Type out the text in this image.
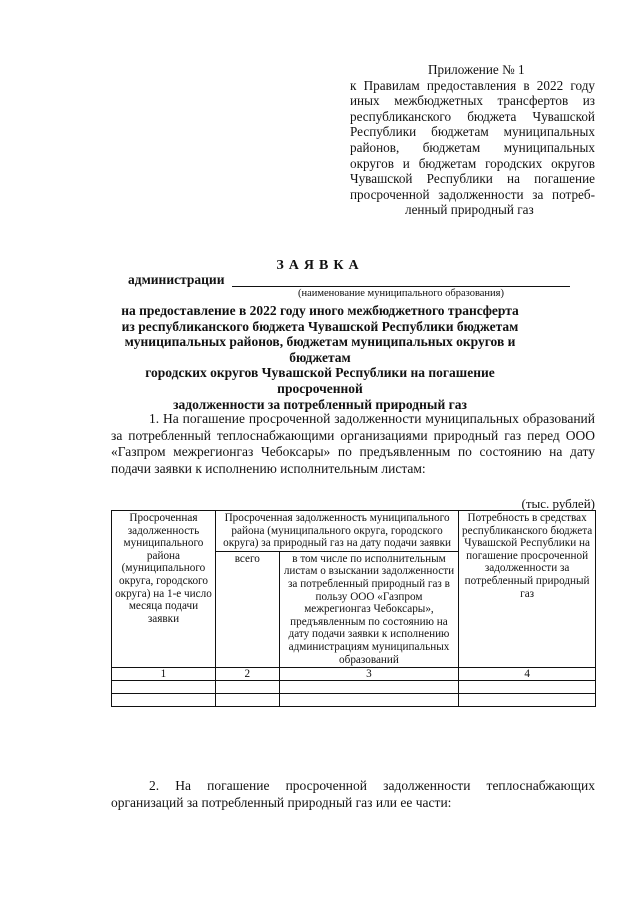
Приложение № 1
к Правилам предоставления в 2022 году
иных межбюджетных трансфертов из
республиканского бюджета Чувашской
Республики бюджетам муниципальных
районов, бюджетам муниципальных
округов и бюджетам городских округов
Чувашской Республики на погашение
просроченной задолженности за потреб-
ленный природный газ
ЗАЯВКА
администрации
(наименование муниципального образования)
на предоставление в 2022 году иного межбюджетного трансферта
из республиканского бюджета Чувашской Республики бюджетам
муниципальных районов, бюджетам муниципальных округов и бюджетам
городских округов Чувашской Республики на погашение просроченной
задолженности за потребленный природный газ
1. На погашение просроченной задолженности муниципальных образований за потребленный теплоснабжающими организациями природный газ перед ООО «Газпром межрегионгаз Чебоксары» по предъявленным по состоянию на дату подачи заявки к исполнению исполнительным листам:
(тыс. рублей)
Просроченная задолженность муниципального района (муниципального округа, городского округа) на 1-е число месяца подачи заявки	Просроченная задолженность муниципального района (муниципального округа, городского округа) за природный газ на дату подачи заявки		Потребность в средствах республиканского бюджета Чувашской Республики на погашение просроченной задолженности за потребленный природный газ
	всего	в том числе по исполнительным листам о взыскании задолженности за потребленный природный газ в пользу ООО «Газпром межрегионгаз Чебоксары», предъявленным по состоянию на дату подачи заявки к исполнению администрациям муниципальных образований	
1	2	3	4

2. На погашение просроченной задолженности теплоснабжающих организаций за потребленный природный газ или ее части:
